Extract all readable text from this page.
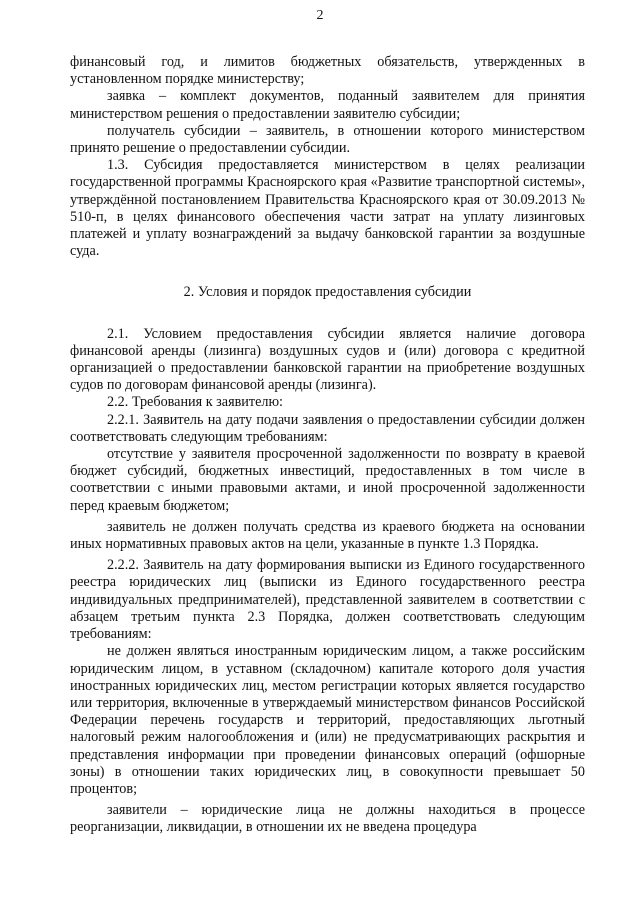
2

финансовый год, и лимитов бюджетных обязательств, утвержденных в установленном порядке министерству;

заявка – комплект документов, поданный заявителем для принятия министерством решения о предоставлении заявителю субсидии;

получатель субсидии – заявитель, в отношении которого министерством принято решение о предоставлении субсидии.

1.3. Субсидия предоставляется министерством в целях реализации государственной программы Красноярского края «Развитие транспортной системы», утверждённой постановлением Правительства Красноярского края от 30.09.2013 № 510-п, в целях финансового обеспечения части затрат на уплату лизинговых платежей и уплату вознаграждений за выдачу банковской гарантии за воздушные суда.

2. Условия и порядок предоставления субсидии

2.1. Условием предоставления субсидии является наличие договора финансовой аренды (лизинга) воздушных судов и (или) договора с кредитной организацией о предоставлении банковской гарантии на приобретение воздушных судов по договорам финансовой аренды (лизинга).

2.2. Требования к заявителю:

2.2.1. Заявитель на дату подачи заявления о предоставлении субсидии должен соответствовать следующим требованиям:

отсутствие у заявителя просроченной задолженности по возврату в краевой бюджет субсидий, бюджетных инвестиций, предоставленных в том числе в соответствии с иными правовыми актами, и иной просроченной задолженности перед краевым бюджетом;

заявитель не должен получать средства из краевого бюджета на основании иных нормативных правовых актов на цели, указанные в пункте 1.3 Порядка.

2.2.2. Заявитель на дату формирования выписки из Единого государственного реестра юридических лиц (выписки из Единого государственного реестра индивидуальных предпринимателей), представленной заявителем в соответствии с абзацем третьим пункта 2.3 Порядка, должен соответствовать следующим требованиям:

не должен являться иностранным юридическим лицом, а также российским юридическим лицом, в уставном (складочном) капитале которого доля участия иностранных юридических лиц, местом регистрации которых является государство или территория, включенные в утверждаемый министерством финансов Российской Федерации перечень государств и территорий, предоставляющих льготный налоговый режим налогообложения и (или) не предусматривающих раскрытия и представления информации при проведении финансовых операций (офшорные зоны) в отношении таких юридических лиц, в совокупности превышает 50 процентов;

заявители – юридические лица не должны находиться в процессе реорганизации, ликвидации, в отношении их не введена процедура
